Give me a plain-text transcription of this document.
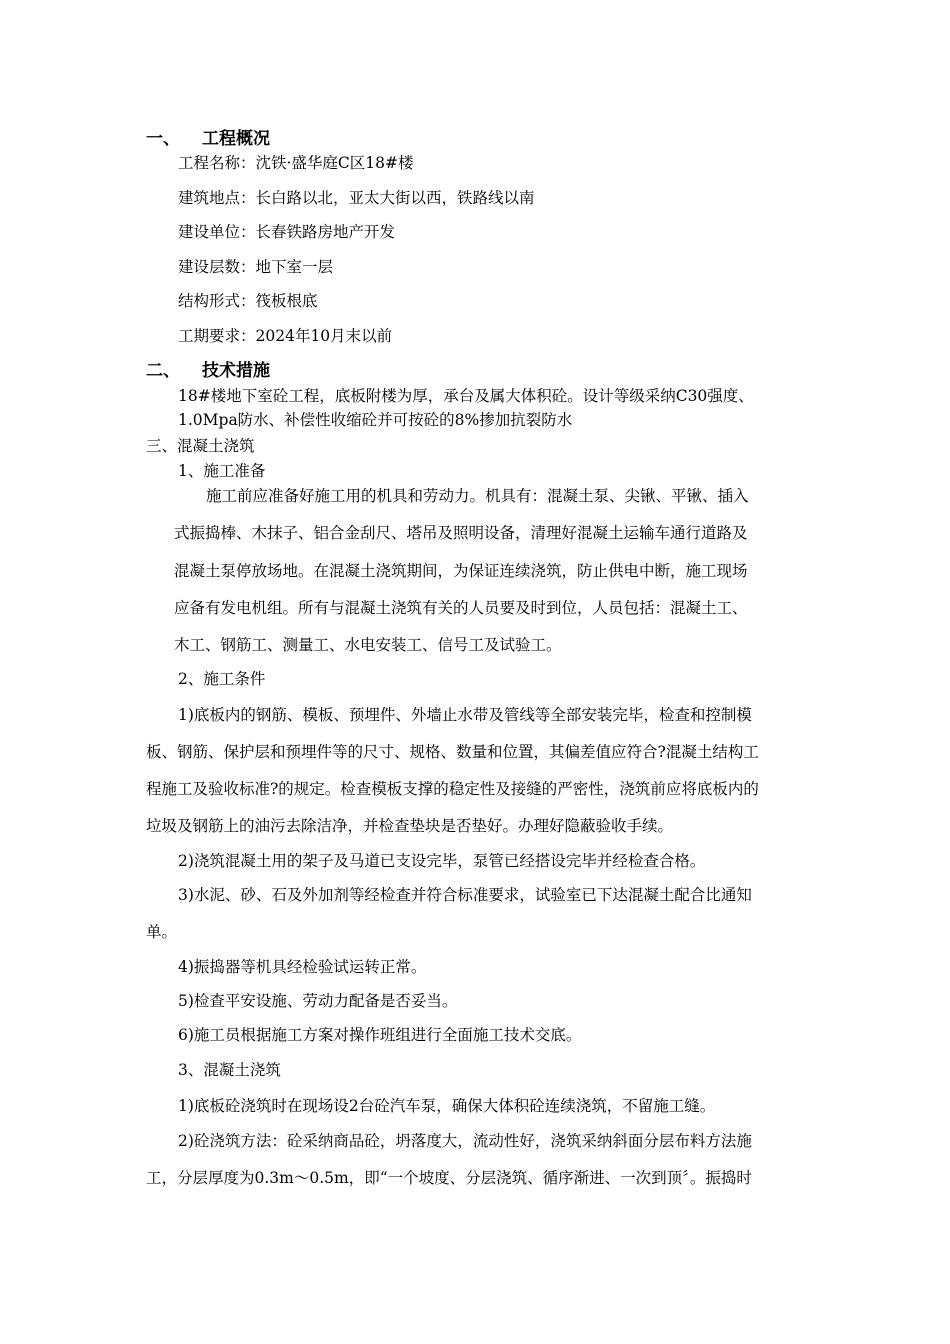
一、 工程概况
工程名称：沈铁·盛华庭C区18#楼
建筑地点：长白路以北，亚太大街以西，铁路线以南
建设单位：长春铁路房地产开发
建设层数：地下室一层
结构形式：筏板根底
工期要求：2024年10月末以前
二、 技术措施
18#楼地下室砼工程，底板附楼为厚，承台及属大体积砼。设计等级采纳C30强度、
1.0Mpa防水、补偿性收缩砼并可按砼的8%掺加抗裂防水
三、混凝土浇筑
1、施工准备
施工前应准备好施工用的机具和劳动力。机具有：混凝土泵、尖锹、平锹、插入
式振捣棒、木抹子、铝合金刮尺、塔吊及照明设备，清理好混凝土运输车通行道路及
混凝土泵停放场地。在混凝土浇筑期间，为保证连续浇筑，防止供电中断，施工现场
应备有发电机组。所有与混凝土浇筑有关的人员要及时到位，人员包括：混凝土工、
木工、钢筋工、测量工、水电安装工、信号工及试验工。
2、施工条件
1)底板内的钢筋、模板、预埋件、外墙止水带及管线等全部安装完毕，检查和控制模
板、钢筋、保护层和预埋件等的尺寸、规格、数量和位置，其偏差值应符合?混凝土结构工
程施工及验收标准?的规定。检查模板支撑的稳定性及接缝的严密性，浇筑前应将底板内的
垃圾及钢筋上的油污去除洁净，并检查垫块是否垫好。办理好隐蔽验收手续。
2)浇筑混凝土用的架子及马道已支设完毕，泵管已经搭设完毕并经检查合格。
3)水泥、砂、石及外加剂等经检查并符合标准要求，试验室已下达混凝土配合比通知
单。
4)振捣器等机具经检验试运转正常。
5)检查平安设施、劳动力配备是否妥当。
6)施工员根据施工方案对操作班组进行全面施工技术交底。
3、混凝土浇筑
1)底板砼浇筑时在现场设2台砼汽车泵，确保大体积砼连续浇筑，不留施工缝。
2)砼浇筑方法：砼采纳商品砼，坍落度大，流动性好，浇筑采纳斜面分层布料方法施
工，分层厚度为0.3m～0.5m，即“一个坡度、分层浇筑、循序渐进、一次到顶〞。振捣时
